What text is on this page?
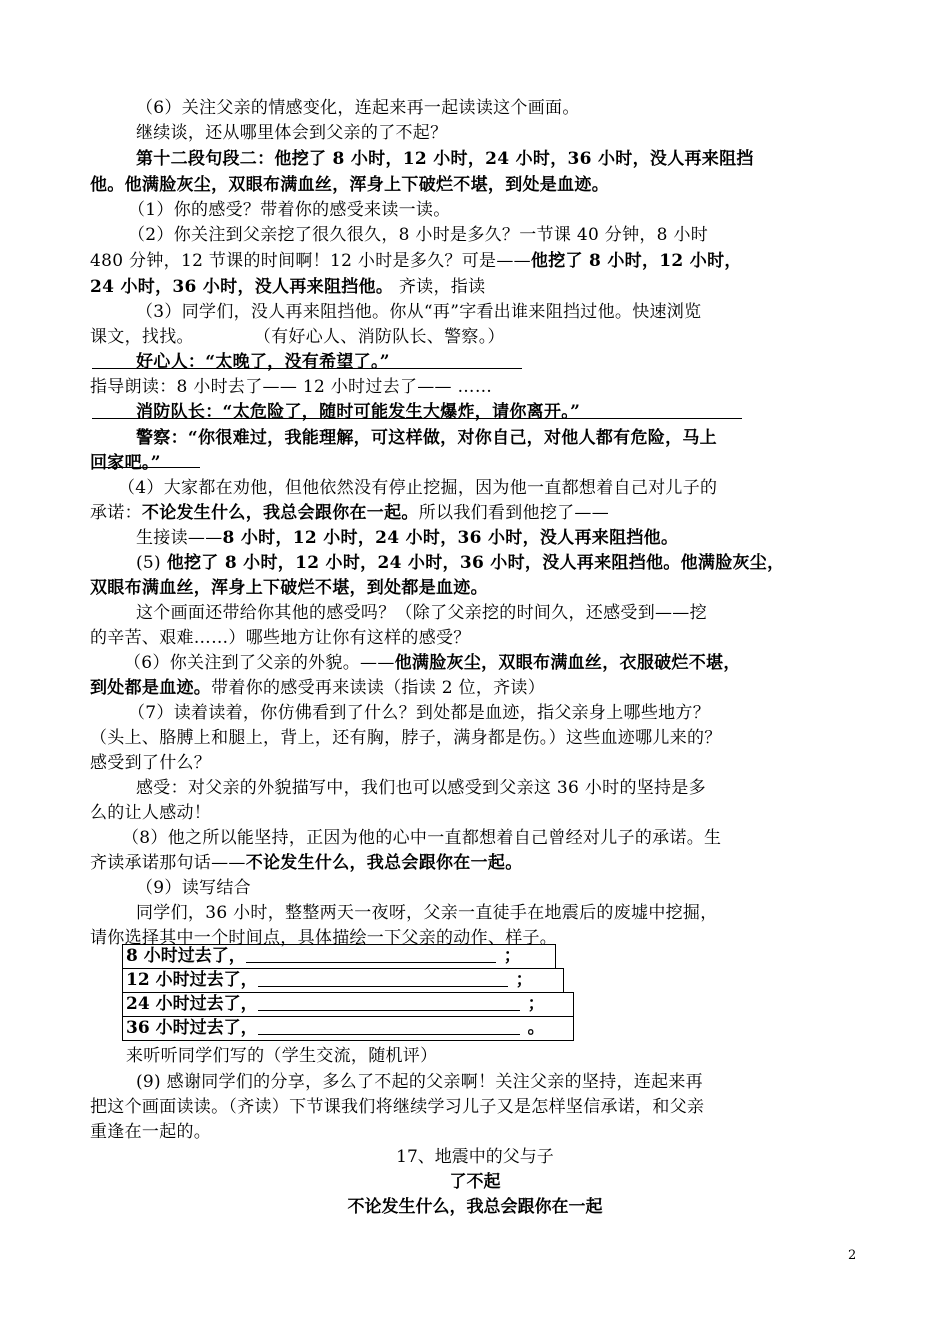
（6）关注父亲的情感变化，连起来再一起读读这个画面。
继续谈，还从哪里体会到父亲的了不起？
第十二段句段二：他挖了 8 小时，12 小时，24 小时，36 小时，没人再来阻挡
他。他满脸灰尘，双眼布满血丝，浑身上下破烂不堪，到处是血迹。
（1）你的感受？带着你的感受来读一读。
（2）你关注到父亲挖了很久很久，8 小时是多久？一节课 40 分钟，8 小时
480 分钟，12 节课的时间啊！12 小时是多久？可是——他挖了 8 小时，12 小时，
24 小时，36 小时，没人再来阻挡他。 齐读，指读
（3）同学们，没人再来阻挡他。你从“再”字看出谁来阻挡过他。快速浏览
课文，找找。	（有好心人、消防队长、警察。）
好心人：“太晚了，没有希望了。”
指导朗读：8 小时去了—— 12 小时过去了—— ……
消防队长：“太危险了，随时可能发生大爆炸，请你离开。”
警察：“你很难过，我能理解，可这样做，对你自己，对他人都有危险，马上
回家吧。”
（4）大家都在劝他，但他依然没有停止挖掘，因为他一直都想着自己对儿子的
承诺：不论发生什么，我总会跟你在一起。所以我们看到他挖了——
生接读——8 小时，12 小时，24 小时，36 小时，没人再来阻挡他。
(5) 他挖了 8 小时，12 小时，24 小时，36 小时，没人再来阻挡他。他满脸灰尘，
双眼布满血丝，浑身上下破烂不堪，到处都是血迹。
这个画面还带给你其他的感受吗？（除了父亲挖的时间久，还感受到——挖
的辛苦、艰难……）哪些地方让你有这样的感受？
（6）你关注到了父亲的外貌。——他满脸灰尘，双眼布满血丝，衣服破烂不堪，
到处都是血迹。带着你的感受再来读读（指读 2 位，齐读）
（7）读着读着，你仿佛看到了什么？到处都是血迹，指父亲身上哪些地方？
（头上、胳膊上和腿上，背上，还有胸，脖子，满身都是伤。）这些血迹哪儿来的？
感受到了什么？
感受：对父亲的外貌描写中，我们也可以感受到父亲这 36 小时的坚持是多
么的让人感动！
（8）他之所以能坚持，正因为他的心中一直都想着自己曾经对儿子的承诺。生
齐读承诺那句话——不论发生什么，我总会跟你在一起。
（9）读写结合
同学们，36 小时，整整两天一夜呀，父亲一直徒手在地震后的废墟中挖掘，
请你选择其中一个时间点，具体描绘一下父亲的动作、样子。
8 小时过去了，	；
12 小时过去了，	；
24 小时过去了，	；
36 小时过去了，	。
来听听同学们写的（学生交流，随机评）
(9) 感谢同学们的分享，多么了不起的父亲啊！关注父亲的坚持，连起来再
把这个画面读读。（齐读）下节课我们将继续学习儿子又是怎样坚信承诺，和父亲
重逢在一起的。
17、地震中的父与子
了不起
不论发生什么，我总会跟你在一起
2
